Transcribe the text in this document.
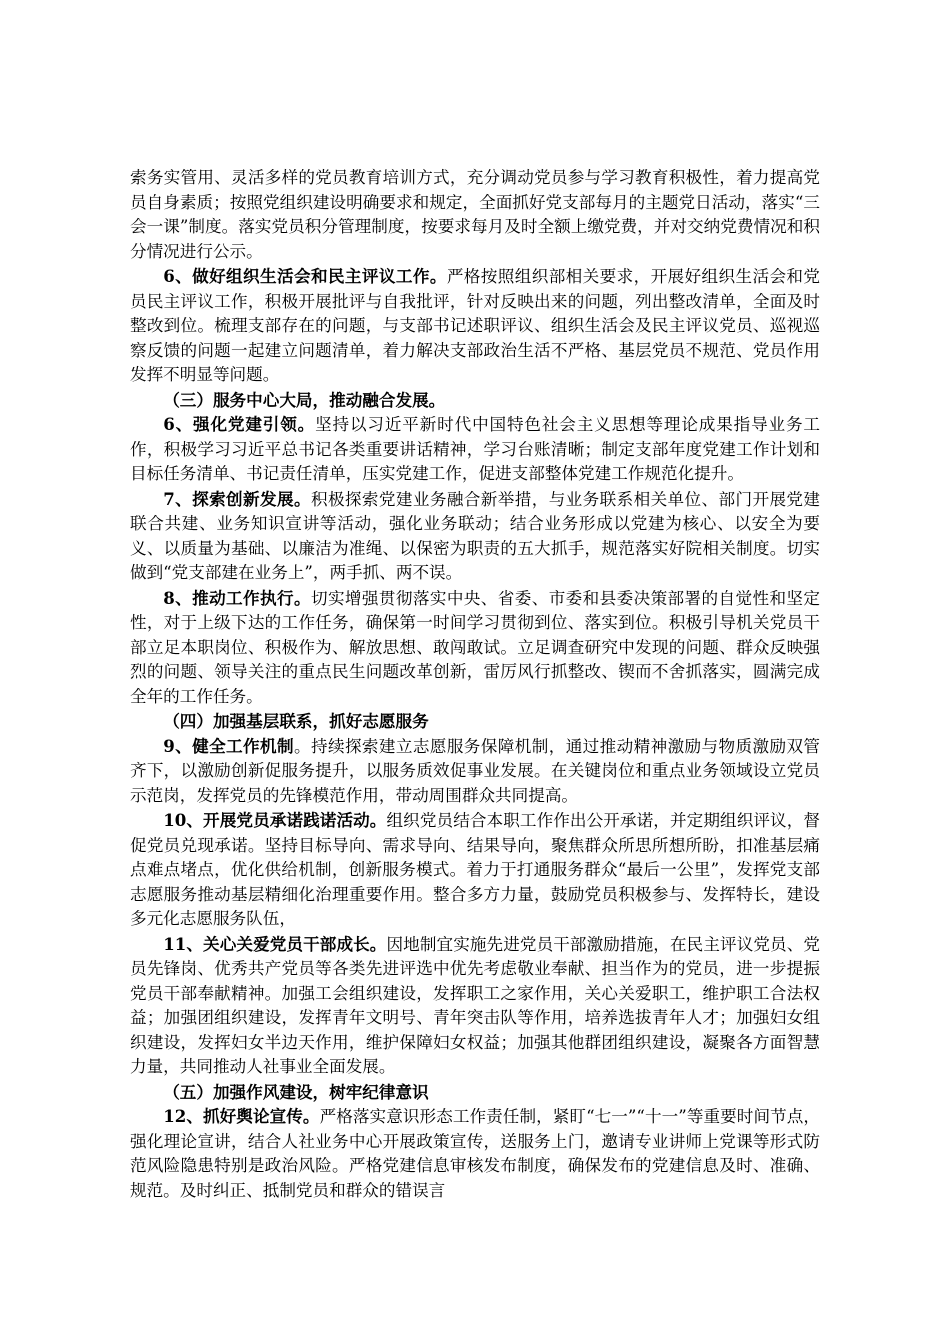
索务实管用、灵活多样的党员教育培训方式，充分调动党员参与学习教育积极性，着力提高党员自身素质；按照党组织建设明确要求和规定，全面抓好党支部每月的主题党日活动，落实“三会一课”制度。落实党员积分管理制度，按要求每月及时全额上缴党费，并对交纳党费情况和积分情况进行公示。

6、做好组织生活会和民主评议工作。严格按照组织部相关要求，开展好组织生活会和党员民主评议工作，积极开展批评与自我批评，针对反映出来的问题，列出整改清单，全面及时整改到位。梳理支部存在的问题，与支部书记述职评议、组织生活会及民主评议党员、巡视巡察反馈的问题一起建立问题清单，着力解决支部政治生活不严格、基层党员不规范、党员作用发挥不明显等问题。

（三）服务中心大局，推动融合发展。

6、强化党建引领。坚持以习近平新时代中国特色社会主义思想等理论成果指导业务工作，积极学习习近平总书记各类重要讲话精神，学习台账清晰；制定支部年度党建工作计划和目标任务清单、书记责任清单，压实党建工作，促进支部整体党建工作规范化提升。

7、探索创新发展。积极探索党建业务融合新举措，与业务联系相关单位、部门开展党建联合共建、业务知识宣讲等活动，强化业务联动；结合业务形成以党建为核心、以安全为要义、以质量为基础、以廉洁为准绳、以保密为职责的五大抓手，规范落实好院相关制度。切实做到“党支部建在业务上”，两手抓、两不误。

8、推动工作执行。切实增强贯彻落实中央、省委、市委和县委决策部署的自觉性和坚定性，对于上级下达的工作任务，确保第一时间学习贯彻到位、落实到位。积极引导机关党员干部立足本职岗位、积极作为、解放思想、敢闯敢试。立足调查研究中发现的问题、群众反映强烈的问题、领导关注的重点民生问题改革创新，雷厉风行抓整改、锲而不舍抓落实，圆满完成全年的工作任务。

（四）加强基层联系，抓好志愿服务

9、健全工作机制。持续探索建立志愿服务保障机制，通过推动精神激励与物质激励双管齐下，以激励创新促服务提升，以服务质效促事业发展。在关键岗位和重点业务领域设立党员示范岗，发挥党员的先锋模范作用，带动周围群众共同提高。

10、开展党员承诺践诺活动。组织党员结合本职工作作出公开承诺，并定期组织评议，督促党员兑现承诺。坚持目标导向、需求导向、结果导向，聚焦群众所思所想所盼，扣准基层痛点难点堵点，优化供给机制，创新服务模式。着力于打通服务群众“最后一公里”，发挥党支部志愿服务推动基层精细化治理重要作用。整合多方力量，鼓励党员积极参与、发挥特长，建设多元化志愿服务队伍，

11、关心关爱党员干部成长。因地制宜实施先进党员干部激励措施，在民主评议党员、党员先锋岗、优秀共产党员等各类先进评选中优先考虑敬业奉献、担当作为的党员，进一步提振党员干部奉献精神。加强工会组织建设，发挥职工之家作用，关心关爱职工，维护职工合法权益；加强团组织建设，发挥青年文明号、青年突击队等作用，培养选拔青年人才；加强妇女组织建设，发挥妇女半边天作用，维护保障妇女权益；加强其他群团组织建设，凝聚各方面智慧力量，共同推动人社事业全面发展。

（五）加强作风建设，树牢纪律意识

12、抓好舆论宣传。严格落实意识形态工作责任制，紧盯“七一”“十一”等重要时间节点，强化理论宣讲，结合人社业务中心开展政策宣传，送服务上门，邀请专业讲师上党课等形式防范风险隐患特别是政治风险。严格党建信息审核发布制度，确保发布的党建信息及时、准确、规范。及时纠正、抵制党员和群众的错误言
